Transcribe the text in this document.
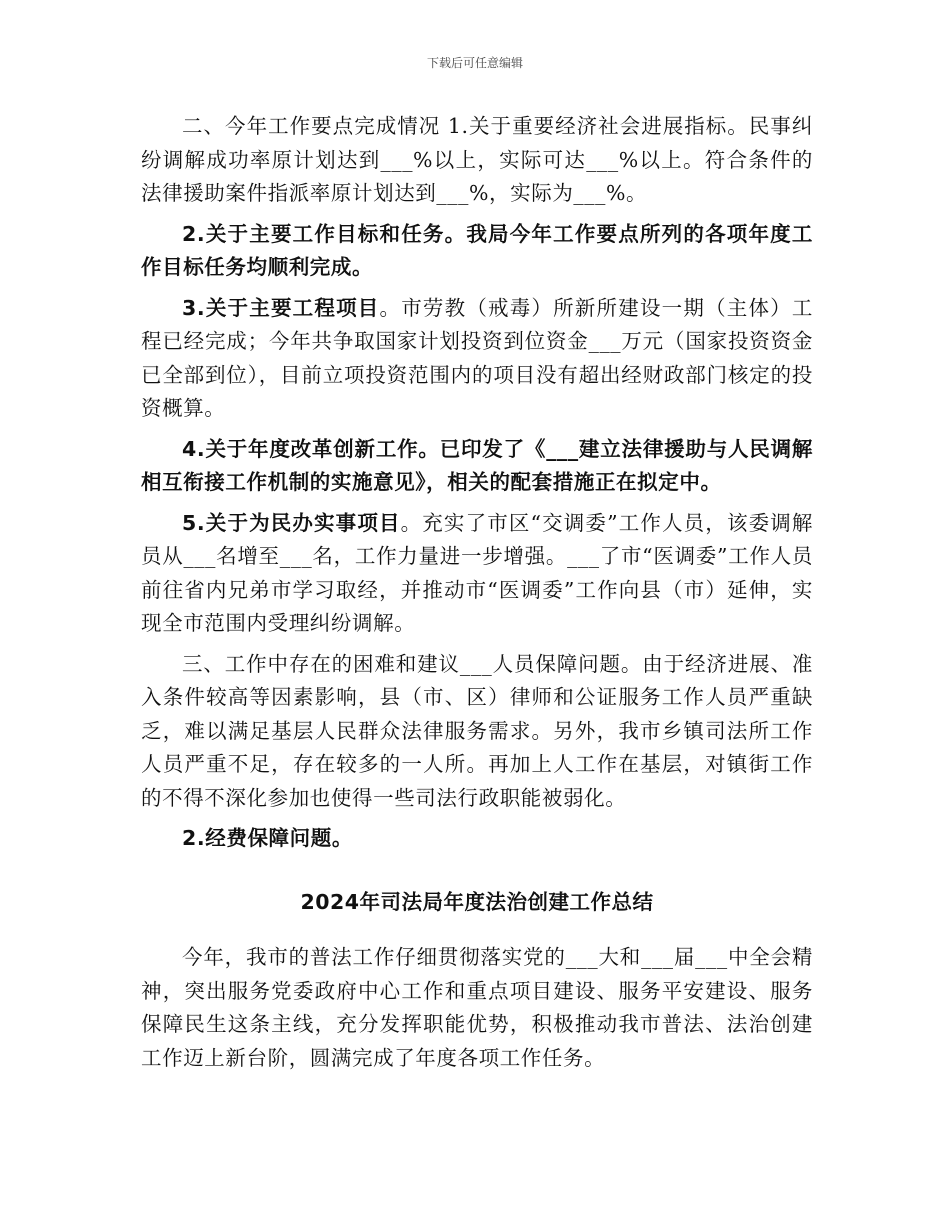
下载后可任意编辑

二、今年工作要点完成情况 1.关于重要经济社会进展指标。民事纠纷调解成功率原计划达到___%以上，实际可达___%以上。符合条件的法律援助案件指派率原计划达到___%，实际为___%。

2.关于主要工作目标和任务。我局今年工作要点所列的各项年度工作目标任务均顺利完成。

3.关于主要工程项目。市劳教（戒毒）所新所建设一期（主体）工程已经完成；今年共争取国家计划投资到位资金___万元（国家投资资金已全部到位），目前立项投资范围内的项目没有超出经财政部门核定的投资概算。

4.关于年度改革创新工作。已印发了《___建立法律援助与人民调解相互衔接工作机制的实施意见》，相关的配套措施正在拟定中。

5.关于为民办实事项目。充实了市区“交调委”工作人员，该委调解员从___名增至___名，工作力量进一步增强。___了市“医调委”工作人员前往省内兄弟市学习取经，并推动市“医调委”工作向县（市）延伸，实现全市范围内受理纠纷调解。

三、工作中存在的困难和建议___人员保障问题。由于经济进展、准入条件较高等因素影响，县（市、区）律师和公证服务工作人员严重缺乏，难以满足基层人民群众法律服务需求。另外，我市乡镇司法所工作人员严重不足，存在较多的一人所。再加上人工作在基层，对镇街工作的不得不深化参加也使得一些司法行政职能被弱化。

2.经费保障问题。

2024年司法局年度法治创建工作总结

今年，我市的普法工作仔细贯彻落实党的___大和___届___中全会精神，突出服务党委政府中心工作和重点项目建设、服务平安建设、服务保障民生这条主线，充分发挥职能优势，积极推动我市普法、法治创建工作迈上新台阶，圆满完成了年度各项工作任务。
